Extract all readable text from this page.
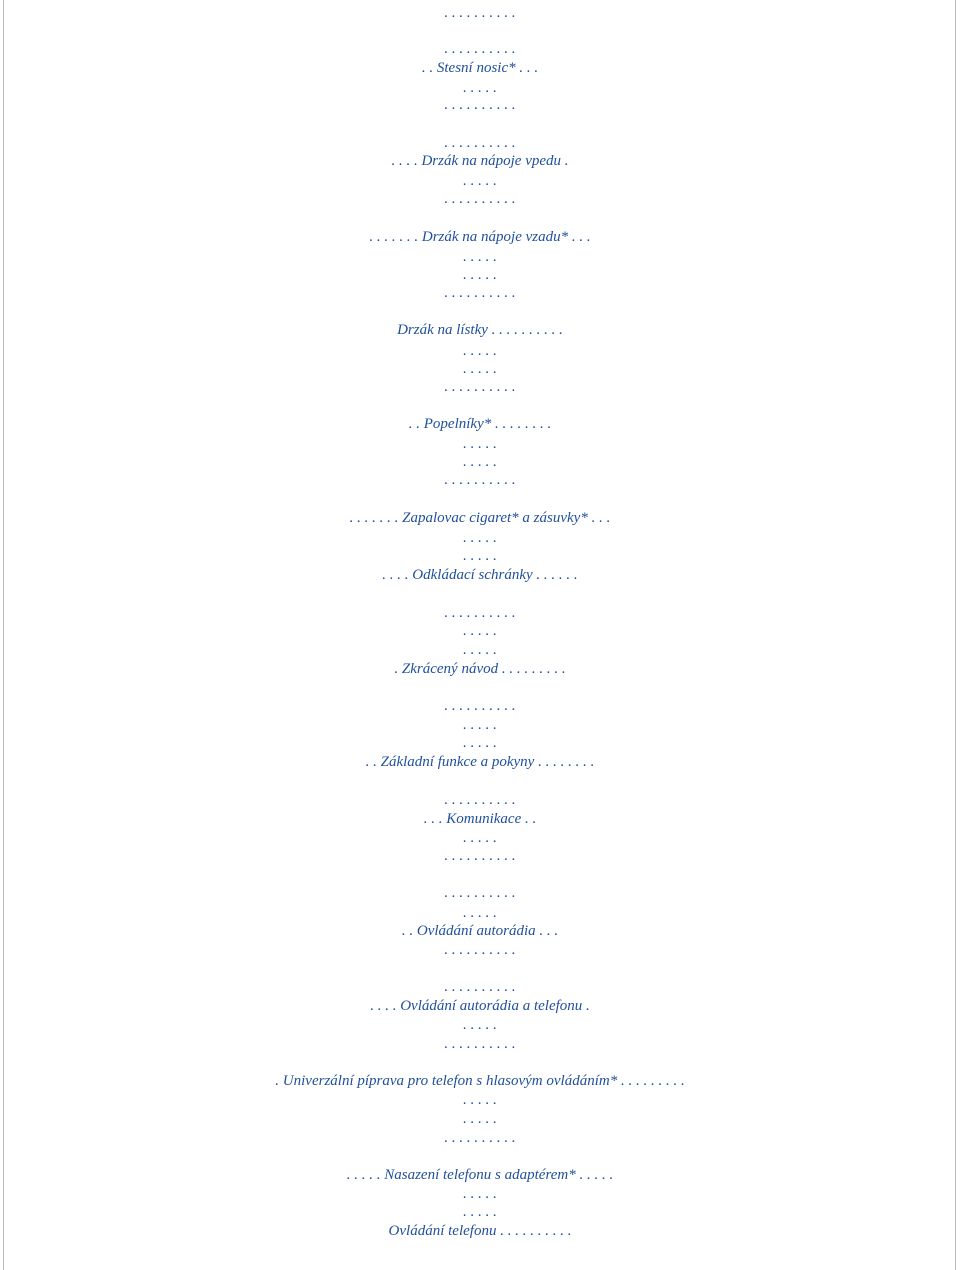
. . . . . . . . . .
. . . . . . . . . .
. . Stesní nosic* . . .
. . . . .
. . . . . . . . . .
. . . . . . . . . .
. . . . Drzák na nápoje vpedu .
. . . . .
. . . . . . . . . .
. . . . . . . Drzák na nápoje vzadu* . . .
. . . . .
. . . . .
. . . . . . . . . .
Drzák na lístky . . . . . . . . . .
. . . . .
. . . . .
. . . . . . . . . .
. . Popelníky* . . . . . . . .
. . . . .
. . . . .
. . . . . . . . . .
. . . . . . . Zapalovac cigaret* a zásuvky* . . .
. . . . .
. . . . .
. . . . Odkládací schránky . . . . . .
. . . . . . . . . .
. . . . .
. . . . .
. Zkrácený návod . . . . . . . . .
. . . . . . . . . .
. . . . .
. . . . .
. . Základní funkce a pokyny . . . . . . . .
. . . . . . . . . .
. . . Komunikace . .
. . . . .
. . . . . . . . . .
. . . . . . . . . .
. . . . .
. . Ovládání autorádia . . .
. . . . . . . . . .
. . . . . . . . . .
. . . . Ovládání autorádia a telefonu .
. . . . .
. . . . . . . . . .
. Univerzální píprava pro telefon s hlasovým ovládáním* . . . . . . . . .
. . . . .
. . . . .
. . . . . . . . . .
. . . . . Nasazení telefonu s adaptérem* . . . . .
. . . . .
. . . . .
Ovládání telefonu . . . . . . . . . .
